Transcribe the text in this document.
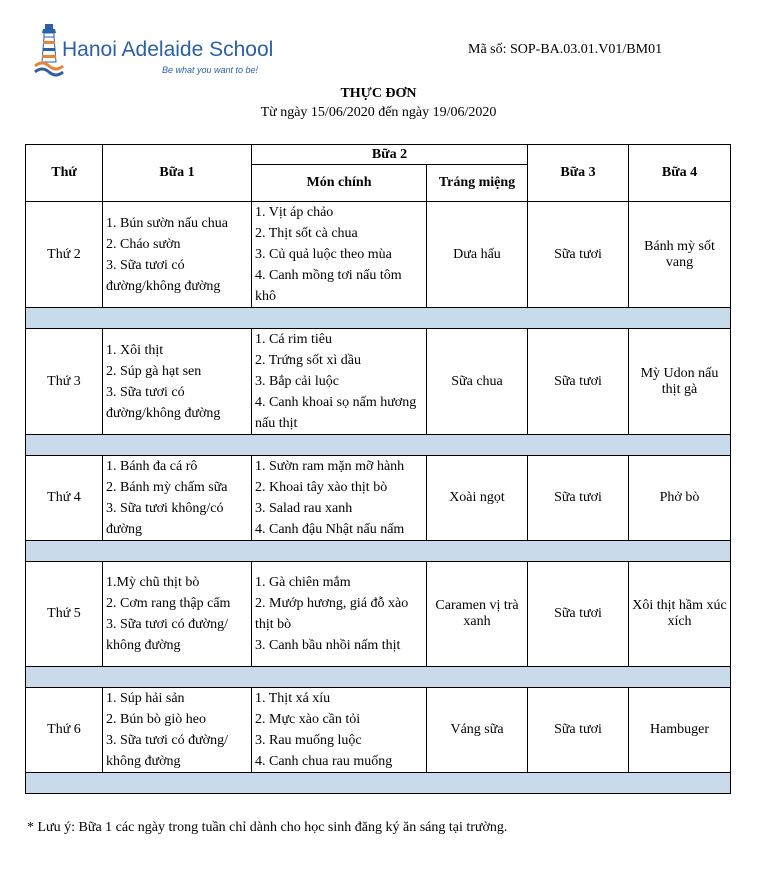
Hanoi Adelaide School
Be what you want to be!
Mã số: SOP-BA.03.01.V01/BM01
THỰC ĐƠN
Từ ngày 15/06/2020 đến ngày 19/06/2020
Thứ	Bữa 1	Bữa 2		Bữa 3	Bữa 4
		Món chính	Tráng miệng		
Thứ 2	1. Bún sườn nấu chua
2. Cháo sườn
3. Sữa tươi có đường/không đường	1. Vịt áp chảo
2. Thịt sốt cà chua
3. Củ quả luộc theo mùa
4. Canh mồng tơi nấu tôm khô	Dưa hấu	Sữa tươi	Bánh mỳ sốt vang

Thứ 3	1. Xôi thịt
2. Súp gà hạt sen
3. Sữa tươi có đường/không đường	1. Cá rim tiêu
2. Trứng sốt xì dầu
3. Bắp cải luộc
4. Canh khoai sọ nấm hương nấu thịt	Sữa chua	Sữa tươi	Mỳ Udon nấu thịt gà

Thứ 4	1. Bánh đa cá rô
2. Bánh mỳ chấm sữa
3. Sữa tươi không/có đường	1. Sườn ram mặn mỡ hành
2. Khoai tây xào thịt bò
3. Salad rau xanh
4. Canh đậu Nhật nấu nấm	Xoài ngọt	Sữa tươi	Phở bò

Thứ 5	1.Mỳ chũ thịt bò
2. Cơm rang thập cẩm
3. Sữa tươi có đường/ không đường	1. Gà chiên mắm
2. Mướp hương, giá đỗ xào thịt bò
3. Canh bầu nhồi nấm thịt	Caramen vị trà xanh	Sữa tươi	Xôi thịt hầm xúc xích

Thứ 6	1. Súp hải sản
2. Bún bò giò heo
3. Sữa tươi có đường/ không đường	1. Thịt xá xíu
2. Mực xào cần tỏi
3. Rau muống luộc
4. Canh chua rau muống	Váng sữa	Sữa tươi	Hambuger

* Lưu ý: Bữa 1 các ngày trong tuần chỉ dành cho học sinh đăng ký ăn sáng tại trường.
